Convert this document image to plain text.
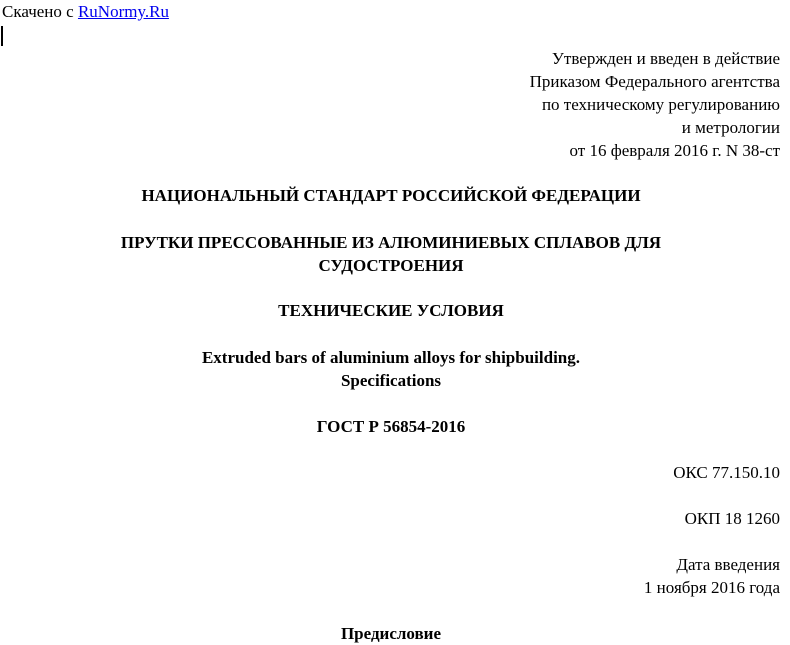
Скачено с RuNormy.Ru
Утвержден и введен в действие
Приказом Федерального агентства
по техническому регулированию
и метрологии
от 16 февраля 2016 г. N 38-ст
НАЦИОНАЛЬНЫЙ СТАНДАРТ РОССИЙСКОЙ ФЕДЕРАЦИИ
ПРУТКИ ПРЕССОВАННЫЕ ИЗ АЛЮМИНИЕВЫХ СПЛАВОВ ДЛЯ
СУДОСТРОЕНИЯ
ТЕХНИЧЕСКИЕ УСЛОВИЯ
Extruded bars of aluminium alloys for shipbuilding.
Specifications
ГОСТ Р 56854-2016
ОКС 77.150.10
ОКП 18 1260
Дата введения
1 ноября 2016 года
Предисловие
